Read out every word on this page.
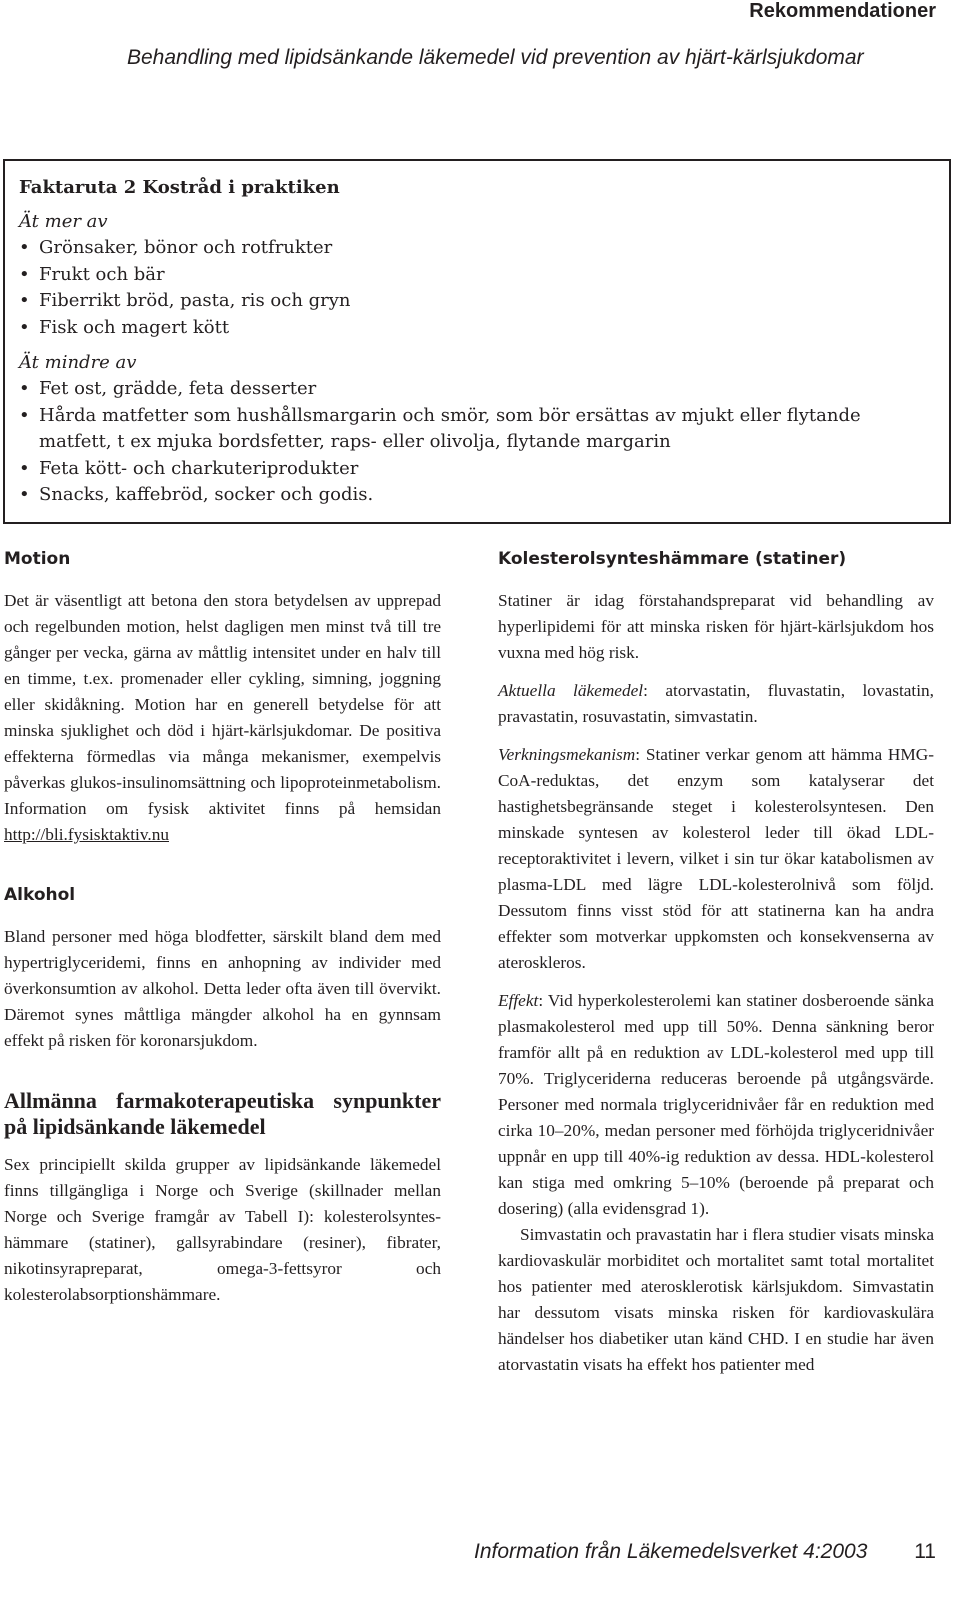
Rekommendationer
Behandling med lipidsänkande läkemedel vid prevention av hjärt-kärlsjukdomar
Faktaruta 2 Kostråd i praktiken
Ät mer av
• Grönsaker, bönor och rotfrukter
• Frukt och bär
• Fiberrikt bröd, pasta, ris och gryn
• Fisk och magert kött
Ät mindre av
• Fet ost, grädde, feta desserter
• Hårda matfetter som hushållsmargarin och smör, som bör ersättas av mjukt eller flytande matfett, t ex mjuka bordsfetter, raps- eller olivolja, flytande margarin
• Feta kött- och charkuteriprodukter
• Snacks, kaffebröd, socker och godis.
Motion

Det är väsentligt att betona den stora betydelsen av upprepad och regelbunden motion, helst dagligen men minst två till tre gånger per vecka, gärna av måttlig intensitet under en halv till en timme, t.ex. promenader eller cykling, simning, joggning eller skidåkning. Motion har en generell betydelse för att minska sjuklighet och död i hjärt-kärlsjukdomar. De positiva effekterna förmedlas via många mekanismer, exempelvis påverkas glukos-insulinomsättning och lipoproteinmetabolism. Information om fysisk aktivitet finns på hemsidan http://bli.fysisktaktiv.nu

Alkohol

Bland personer med höga blodfetter, särskilt bland dem med hypertriglyceridemi, finns en anhopning av individer med överkonsumtion av alkohol. Detta leder ofta även till övervikt. Däremot synes måttliga mängder alkohol ha en gynnsam effekt på risken för koronarsjukdom.

Allmänna farmakoterapeutiska synpunkter på lipidsänkande läkemedel

Sex principiellt skilda grupper av lipidsänkande läkemedel finns tillgängliga i Norge och Sverige (skillnader mellan Norge och Sverige framgår av Tabell I): kolesterolsynteshämmare (statiner), gallsyrabindare (resiner), fibrater, nikotinsyrapreparat, omega-3-fettsyror och kolesterolabsorptionshämmare.

Kolesterolsynteshämmare (statiner)

Statiner är idag förstahandspreparat vid behandling av hyperlipidemi för att minska risken för hjärt-kärlsjukdom hos vuxna med hög risk.

Aktuella läkemedel: atorvastatin, fluvastatin, lovastatin, pravastatin, rosuvastatin, simvastatin.

Verkningsmekanism: Statiner verkar genom att hämma HMG-CoA-reduktas, det enzym som katalyserar det hastighetsbegränsande steget i kolesterolsyntesen. Den minskade syntesen av kolesterol leder till ökad LDL-receptoraktivitet i levern, vilket i sin tur ökar katabolismen av plasma-LDL med lägre LDL-kolesterolnivå som följd. Dessutom finns visst stöd för att statinerna kan ha andra effekter som motverkar uppkomsten och konsekvenserna av ateroskleros.

Effekt: Vid hyperkolesterolemi kan statiner dosberoende sänka plasmakolesterol med upp till 50%. Denna sänkning beror framför allt på en reduktion av LDL-kolesterol med upp till 70%. Triglyceriderna reduceras beroende på utgångsvärde. Personer med normala triglyceridnivåer får en reduktion med cirka 10–20%, medan personer med förhöjda triglyceridnivåer uppnår en upp till 40%-ig reduktion av dessa. HDL-kolesterol kan stiga med omkring 5–10% (beroende på preparat och dosering) (alla evidensgrad 1).

Simvastatin och pravastatin har i flera studier visats minska kardiovaskulär morbiditet och mortalitet samt total mortalitet hos patienter med aterosklerotisk kärlsjukdom. Simvastatin har dessutom visats minska risken för kardiovaskulära händelser hos diabetiker utan känd CHD. I en studie har även atorvastatin visats ha effekt hos patienter med

Information från Läkemedelsverket 4:2003 11
